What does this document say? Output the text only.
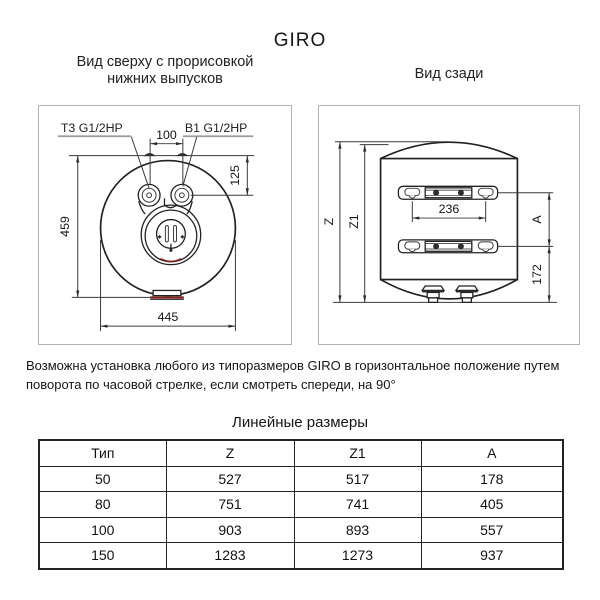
GIRO
Вид сверху с прорисовкой
нижних выпусков	Вид сзади
Т3 G1/2НР	В1 G1/2НР
100
125
459
445
236
А
172
Z Z1
Возможна установка любого из типоразмеров GIRO в горизонтальное положение путем
поворота по часовой стрелке, если смотреть спереди, на 90°
Линейные размеры
Тип	Z	Z1	А
50	527	517	178
80	751	741	405
100	903	893	557
150	1283	1273	937
